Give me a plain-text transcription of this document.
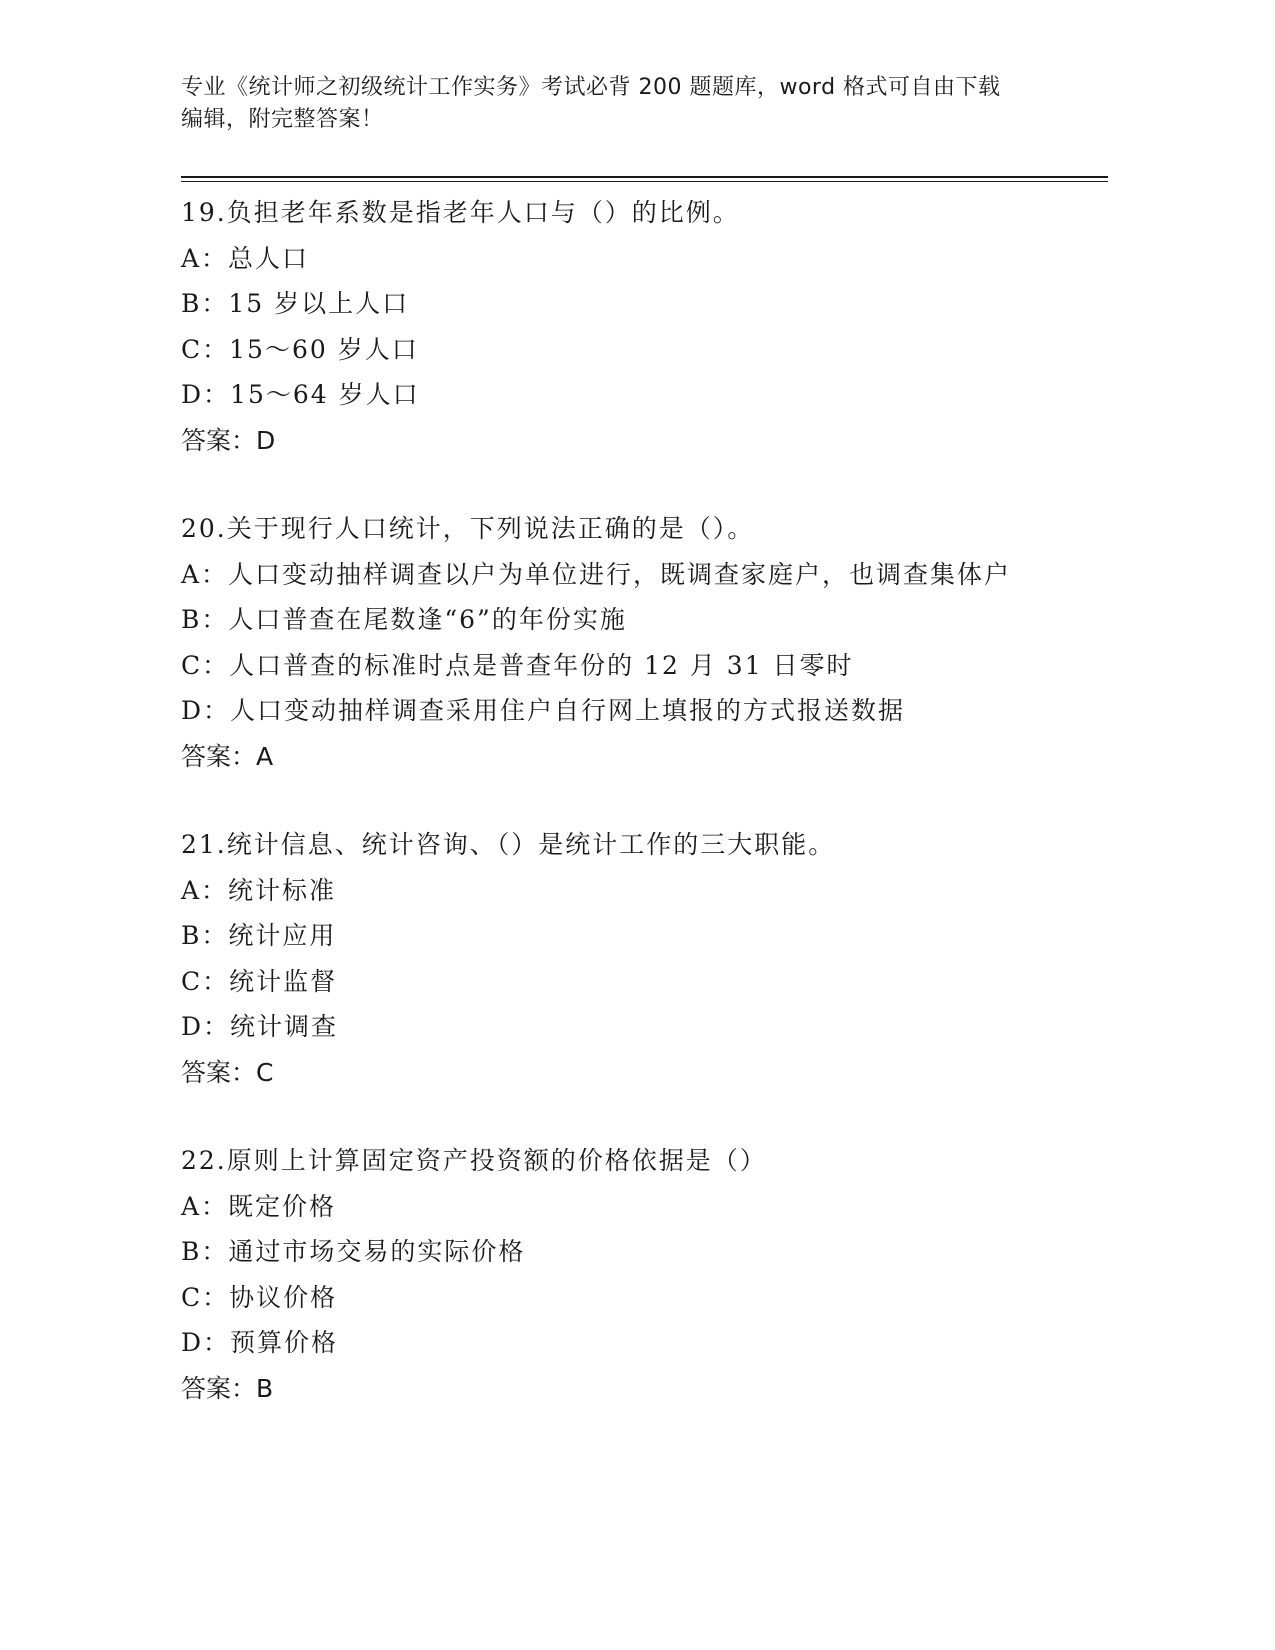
专业《统计师之初级统计工作实务》考试必背 200 题题库，word 格式可自由下载
编辑，附完整答案！
19.负担老年系数是指老年人口与（）的比例。
A：总人口
B：15 岁以上人口
C：15～60 岁人口
D：15～64 岁人口
答案：D
20.关于现行人口统计，下列说法正确的是（）。
A：人口变动抽样调查以户为单位进行，既调查家庭户，也调查集体户
B：人口普查在尾数逢“6”的年份实施
C：人口普查的标准时点是普查年份的 12 月 31 日零时
D：人口变动抽样调查采用住户自行网上填报的方式报送数据
答案：A
21.统计信息、统计咨询、（）是统计工作的三大职能。
A：统计标准
B：统计应用
C：统计监督
D：统计调查
答案：C
22.原则上计算固定资产投资额的价格依据是（）
A：既定价格
B：通过市场交易的实际价格
C：协议价格
D：预算价格
答案：B
